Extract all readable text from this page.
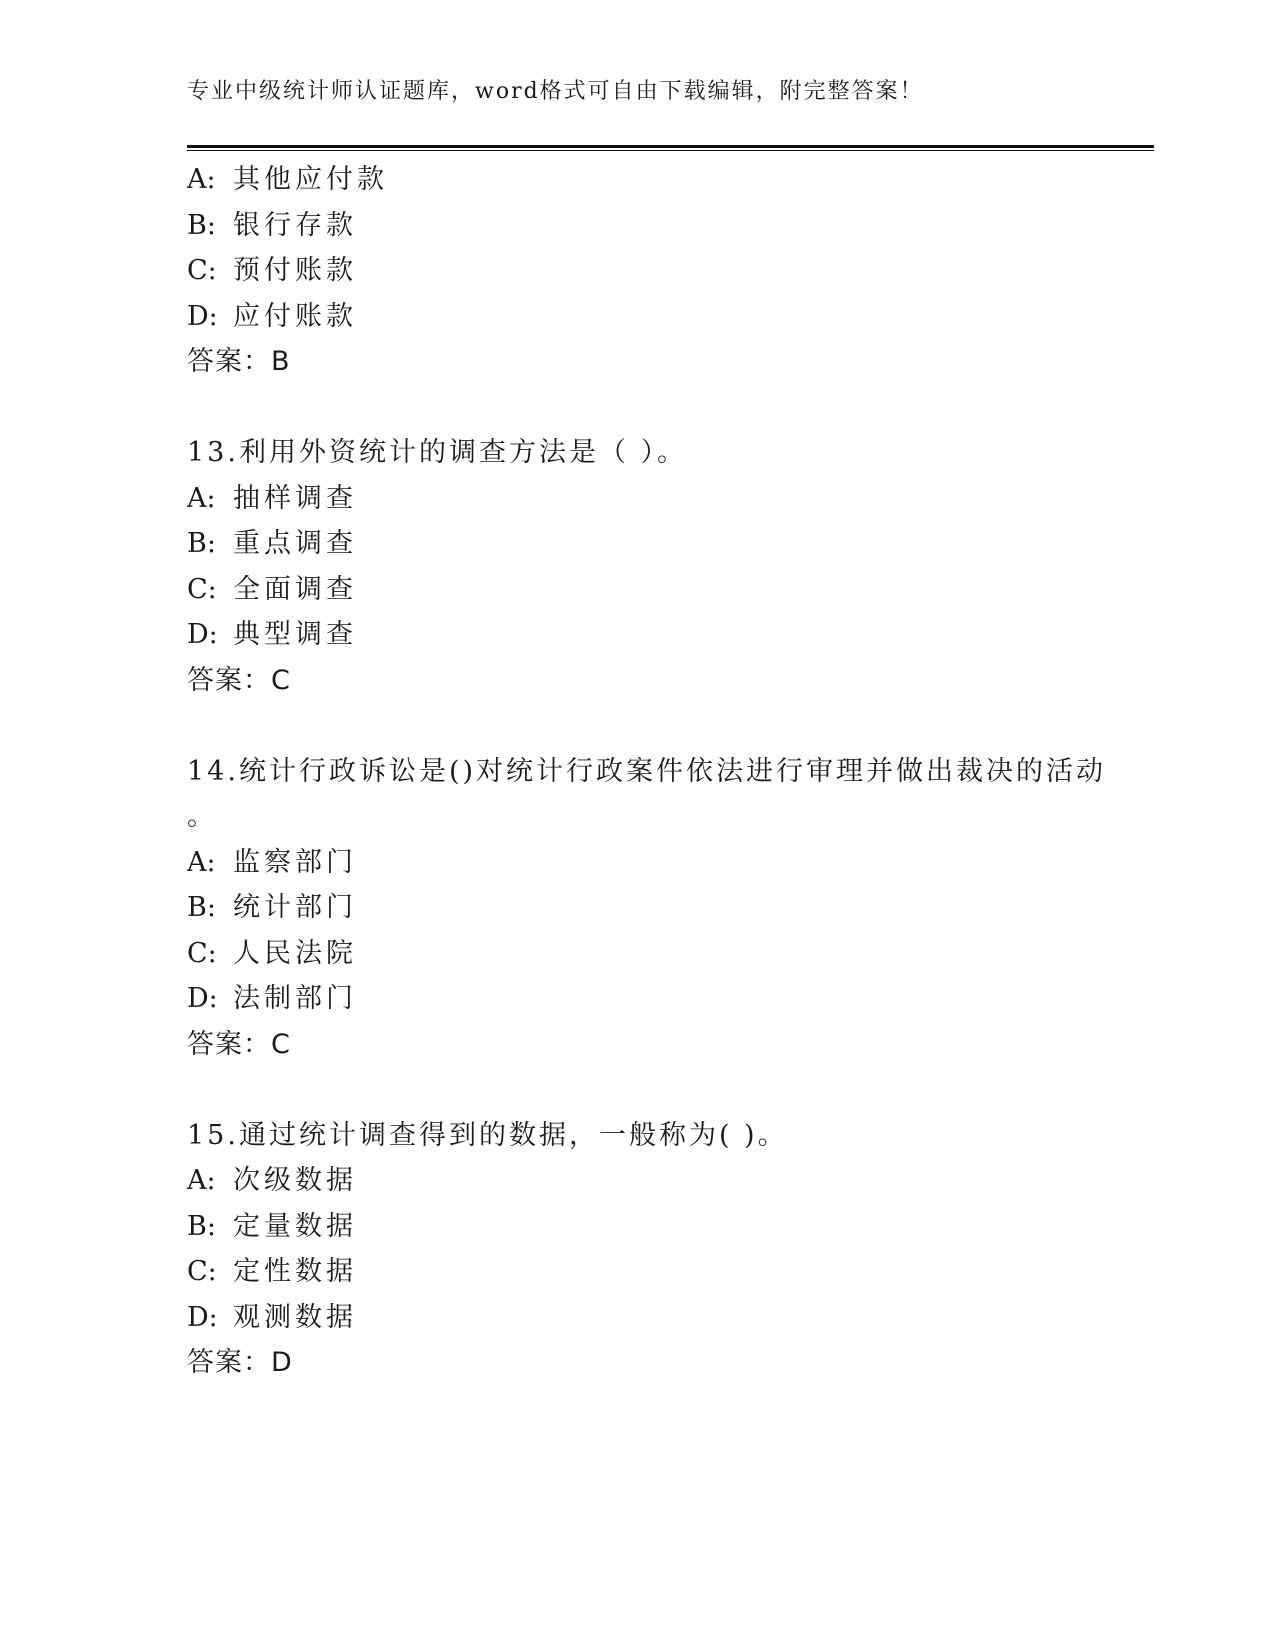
专业中级统计师认证题库，word格式可自由下载编辑，附完整答案！
A: 其他应付款
B: 银行存款
C: 预付账款
D: 应付账款
答案：B
13.利用外资统计的调查方法是（ ）。
A: 抽样调查
B: 重点调查
C: 全面调查
D: 典型调查
答案：C
14.统计行政诉讼是()对统计行政案件依法进行审理并做出裁决的活动
。
A: 监察部门
B: 统计部门
C: 人民法院
D: 法制部门
答案：C
15.通过统计调查得到的数据，一般称为( )。
A: 次级数据
B: 定量数据
C: 定性数据
D: 观测数据
答案：D
